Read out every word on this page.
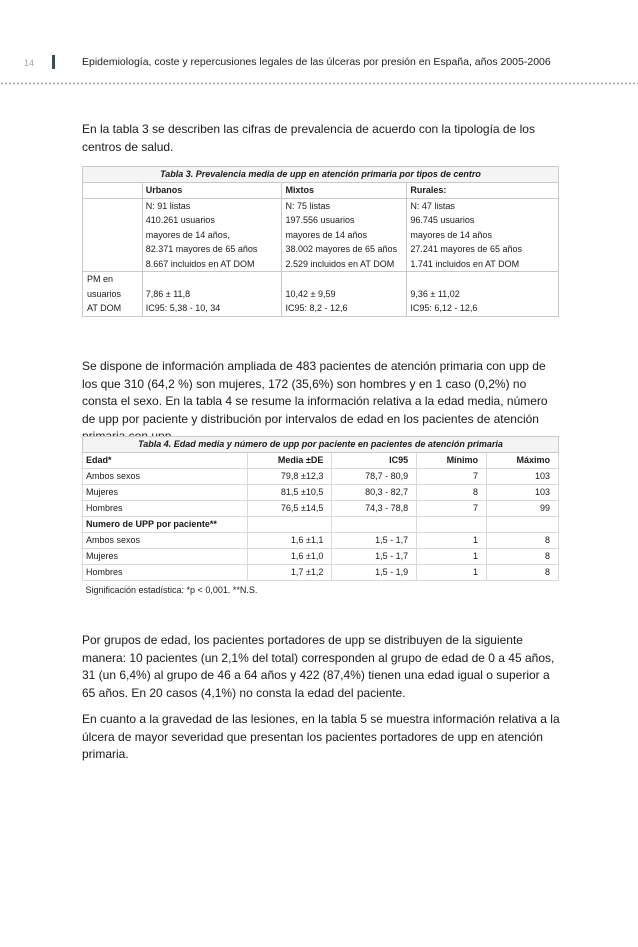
14	Epidemiología, coste y repercusiones legales de las úlceras por presión en España, años 2005-2006

En la tabla 3 se describen las cifras de prevalencia de acuerdo con la tipología de los centros de salud.

Tabla 3. Prevalencia media de upp en atención primaria por tipos de centro			
	Urbanos	Mixtos	Rurales:

	N: 91 listas
410.261 usuarios
mayores de 14 años,
82.371 mayores de 65 años
8.667 incluidos en AT DOM	N: 75 listas
197.556 usuarios
mayores de 14 años
38.002 mayores de 65 años
2.529 incluidos en AT DOM	N: 47 listas
96.745 usuarios
mayores de 14 años
27.241 mayores de 65 años
1.741 incluidos en AT DOM

PM en
usuarios
AT DOM	7,86 ± 11,8
IC95: 5,38 - 10, 34	10,42 ± 9,59
IC95: 8,2 - 12,6	9,36 ± 11,02
IC95: 6,12 - 12,6

Se dispone de información ampliada de 483 pacientes de atención primaria con upp de los que 310 (64,2 %) son mujeres, 172 (35,6%) son hombres y en 1 caso (0,2%) no consta el sexo. En la tabla 4 se resume la información relativa a la edad media, número de upp por paciente y distribución por intervalos de edad en los pacientes de atención

Tabla 4. Edad media y número de upp por paciente en pacientes de atención primaria				
Edad*	Media ±DE	IC95	Mínimo	Máximo
Ambos sexos	79,8 ±12,3	78,7 - 80,9	7	103
Mujeres	81,5 ±10,5	80,3 - 82,7	8	103
Hombres	76,5 ±14,5	74,3 - 78,8	7	99
Numero de UPP por paciente**				
Ambos sexos	1,6 ±1,1	1,5 - 1,7	1	8
Mujeres	1,6 ±1,0	1,5 - 1,7	1	8
Hombres	1,7 ±1,2	1,5 - 1,9	1	8
Significación estadística: *p < 0,001. **N.S.				

Por grupos de edad, los pacientes portadores de upp se distribuyen de la siguiente manera: 10 pacientes (un 2,1% del total) corresponden al grupo de edad de 0 a 45 años, 31 (un 6,4%) al grupo de 46 a 64 años y 422 (87,4%) tienen una edad igual o superior a 65 años. En 20 casos (4,1%) no consta la edad del paciente.

En cuanto a la gravedad de las lesiones, en la tabla 5 se muestra información relativa a la úlcera de mayor severidad que presentan los pacientes portadores de upp en atención primaria.
